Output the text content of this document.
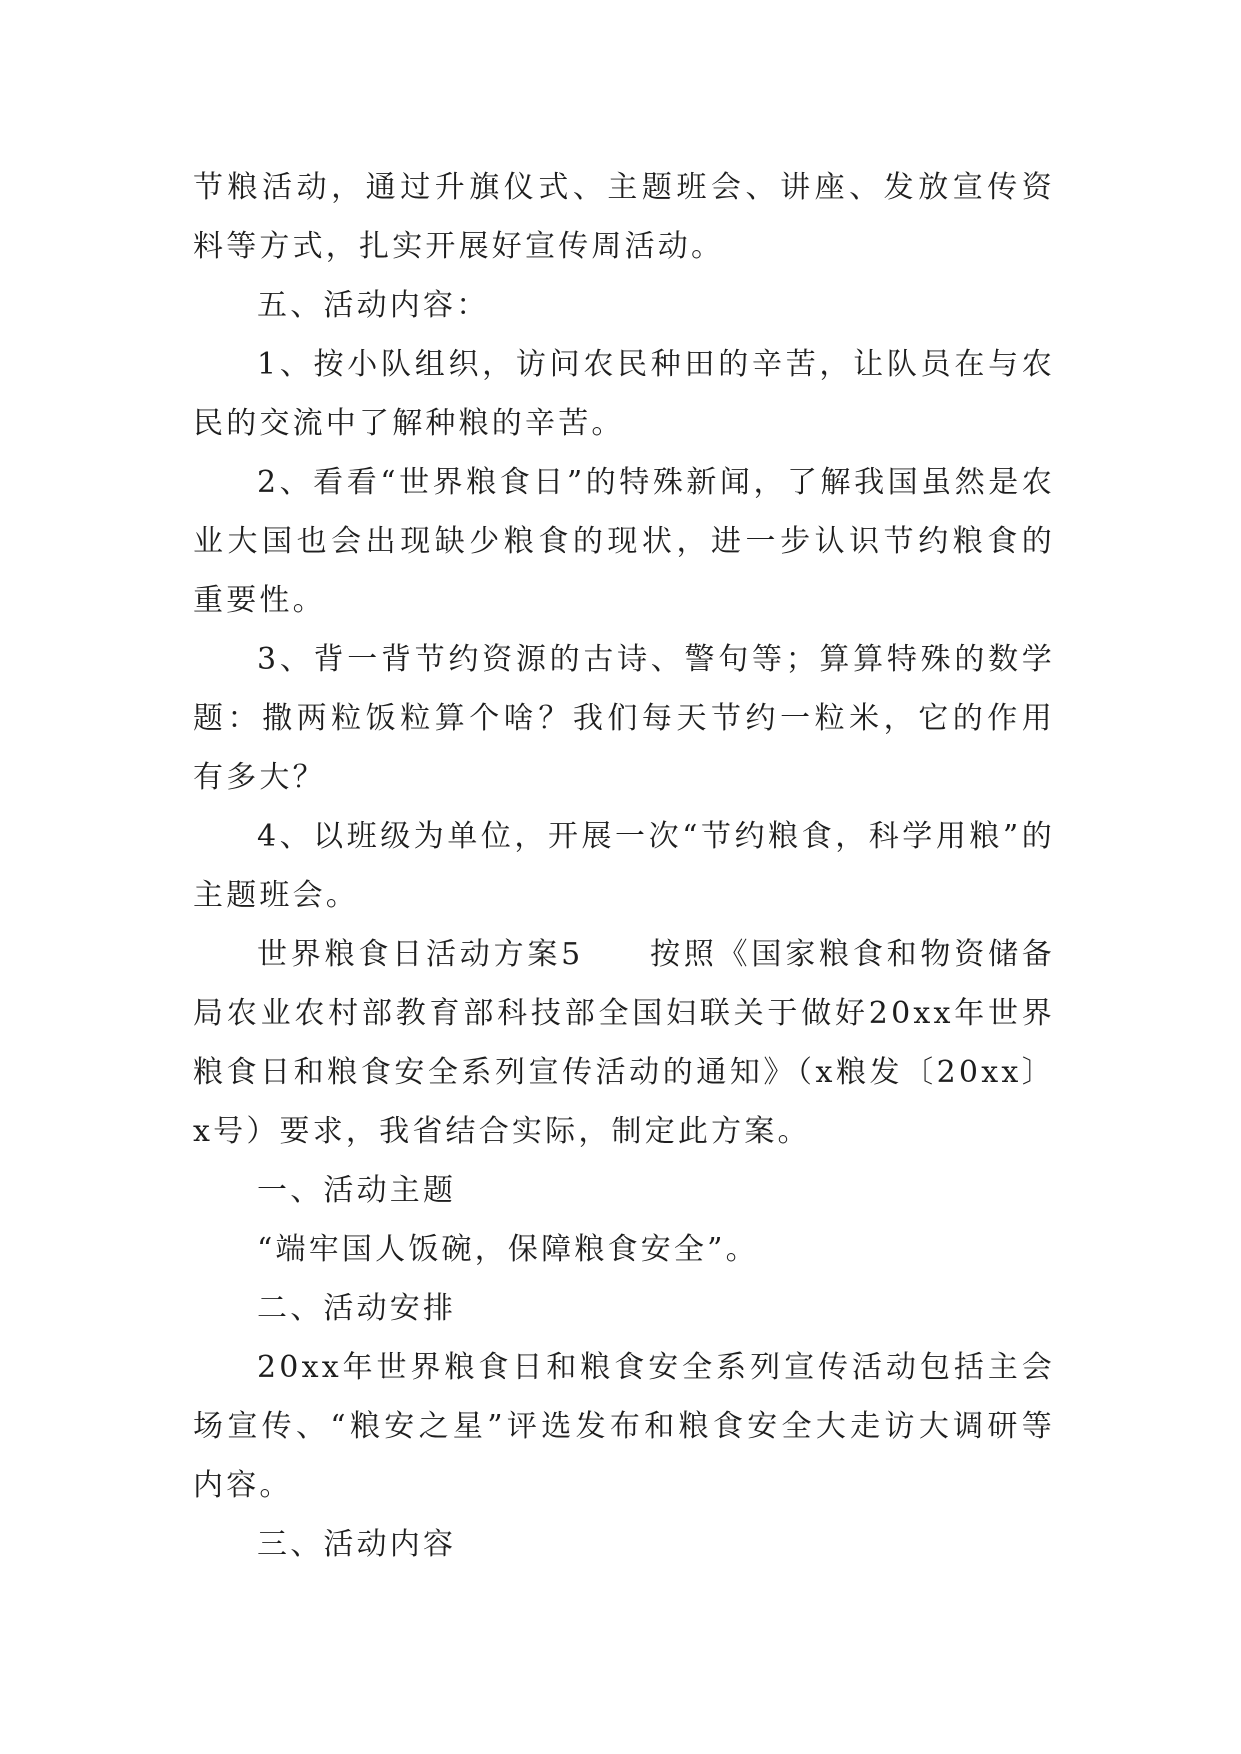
节粮活动，通过升旗仪式、主题班会、讲座、发放宣传资料等方式，扎实开展好宣传周活动。

五、活动内容：

1、按小队组织，访问农民种田的辛苦，让队员在与农民的交流中了解种粮的辛苦。

2、看看“世界粮食日”的特殊新闻，了解我国虽然是农业大国也会出现缺少粮食的现状，进一步认识节约粮食的重要性。

3、背一背节约资源的古诗、警句等；算算特殊的数学题：撒两粒饭粒算个啥？我们每天节约一粒米，它的作用有多大？

4、以班级为单位，开展一次“节约粮食，科学用粮”的主题班会。

世界粮食日活动方案5 按照《国家粮食和物资储备局农业农村部教育部科技部全国妇联关于做好20xx年世界粮食日和粮食安全系列宣传活动的通知》（x粮发〔20xx〕x号）要求，我省结合实际，制定此方案。

一、活动主题

“端牢国人饭碗，保障粮食安全”。

二、活动安排

20xx年世界粮食日和粮食安全系列宣传活动包括主会场宣传、“粮安之星”评选发布和粮食安全大走访大调研等内容。

三、活动内容
